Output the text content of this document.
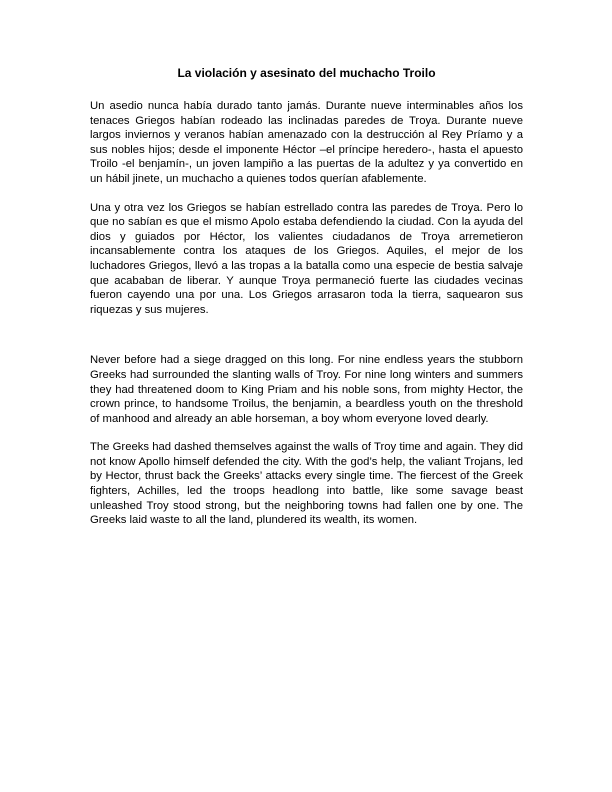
La violación y asesinato del muchacho Troilo

Un asedio nunca había durado tanto jamás. Durante nueve interminables años los tenaces Griegos habían rodeado las inclinadas paredes de Troya. Durante nueve largos inviernos y veranos habían amenazado con la destrucción al Rey Príamo y a sus nobles hijos; desde el imponente Héctor –el príncipe heredero-, hasta el apuesto Troilo -el benjamín-, un joven lampiño a las puertas de la adultez y ya convertido en un hábil jinete, un muchacho a quienes todos querían afablemente.

Una y otra vez los Griegos se habían estrellado contra las paredes de Troya. Pero lo que no sabían es que el mismo Apolo estaba defendiendo la ciudad. Con la ayuda del dios y guiados por Héctor, los valientes ciudadanos de Troya arremetieron incansablemente contra los ataques de los Griegos. Aquiles, el mejor de los luchadores Griegos, llevó a las tropas a la batalla como una especie de bestia salvaje que acababan de liberar. Y aunque Troya permaneció fuerte las ciudades vecinas fueron cayendo una por una. Los Griegos arrasaron toda la tierra, saquearon sus riquezas y sus mujeres.

Never before had a siege dragged on this long. For nine endless years the stubborn Greeks had surrounded the slanting walls of Troy. For nine long winters and summers they had threatened doom to King Priam and his noble sons, from mighty Hector, the crown prince, to handsome Troilus, the benjamin, a beardless youth on the threshold of manhood and already an able horseman, a boy whom everyone loved dearly.

The Greeks had dashed themselves against the walls of Troy time and again. They did not know Apollo himself defended the city. With the god’s help, the valiant Trojans, led by Hector, thrust back the Greeks’ attacks every single time. The fiercest of the Greek fighters, Achilles, led the troops headlong into battle, like some savage beast unleashed Troy stood strong, but the neighboring towns had fallen one by one. The Greeks laid waste to all the land, plundered its wealth, its women.
